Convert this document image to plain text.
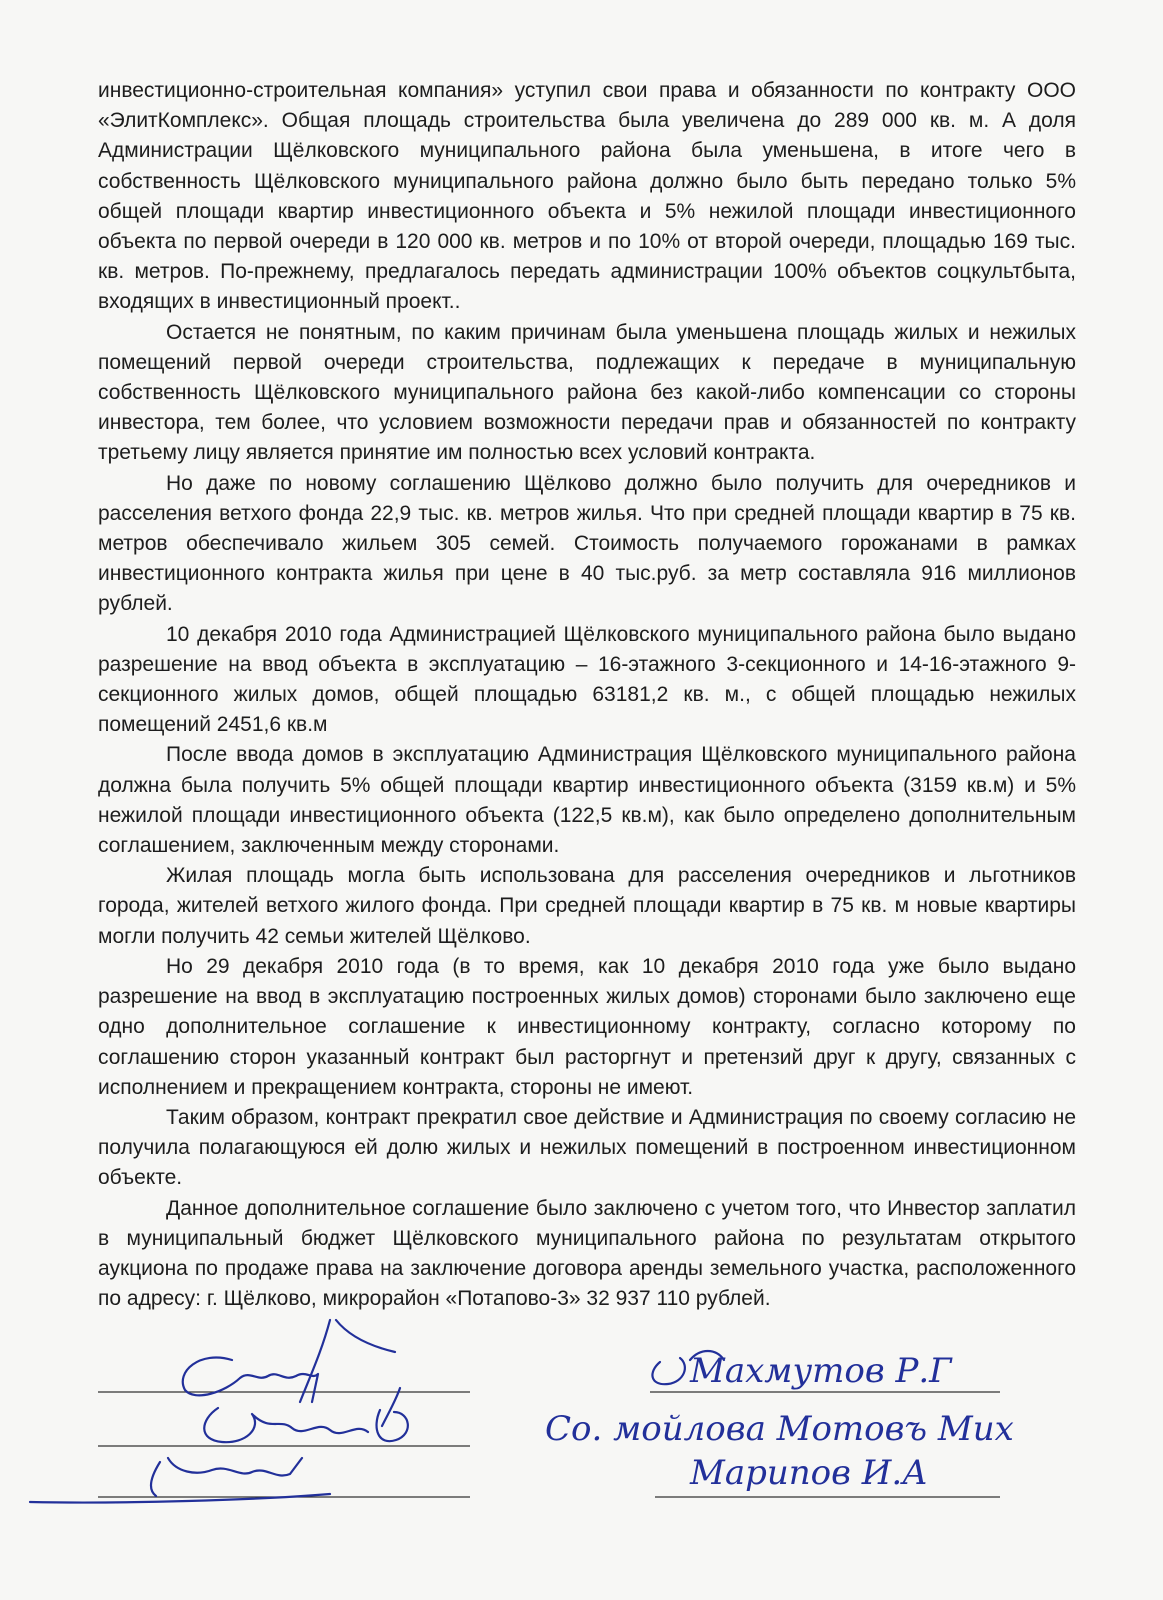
инвестиционно-строительная компания» уступил свои права и обязанности по контракту ООО «ЭлитКомплекс». Общая площадь строительства была увеличена до 289 000 кв. м. А доля Администрации Щёлковского муниципального района была уменьшена, в итоге чего в собственность Щёлковского муниципального района должно было быть передано только 5% общей площади квартир инвестиционного объекта и 5% нежилой площади инвестиционного объекта по первой очереди в 120 000 кв. метров и по 10% от второй очереди, площадью 169 тыс. кв. метров. По-прежнему, предлагалось передать администрации 100% объектов соцкультбыта, входящих в инвестиционный проект..

Остается не понятным, по каким причинам была уменьшена площадь жилых и нежилых помещений первой очереди строительства, подлежащих к передаче в муниципальную собственность Щёлковского муниципального района без какой-либо компенсации со стороны инвестора, тем более, что условием возможности передачи прав и обязанностей по контракту третьему лицу является принятие им полностью всех условий контракта.

Но даже по новому соглашению Щёлково должно было получить для очередников и расселения ветхого фонда 22,9 тыс. кв. метров жилья. Что при средней площади квартир в 75 кв. метров обеспечивало жильем 305 семей. Стоимость получаемого горожанами в рамках инвестиционного контракта жилья при цене в 40 тыс.руб. за метр составляла 916 миллионов рублей.

10 декабря 2010 года Администрацией Щёлковского муниципального района было выдано разрешение на ввод объекта в эксплуатацию – 16-этажного 3-секционного и 14-16-этажного 9-секционного жилых домов, общей площадью 63181,2 кв. м., с общей площадью нежилых помещений 2451,6 кв.м

После ввода домов в эксплуатацию Администрация Щёлковского муниципального района должна была получить 5% общей площади квартир инвестиционного объекта (3159 кв.м) и 5% нежилой площади инвестиционного объекта (122,5 кв.м), как было определено дополнительным соглашением, заключенным между сторонами.

Жилая площадь могла быть использована для расселения очередников и льготников города, жителей ветхого жилого фонда. При средней площади квартир в 75 кв. м новые квартиры могли получить 42 семьи жителей Щёлково.

Но 29 декабря 2010 года (в то время, как 10 декабря 2010 года уже было выдано разрешение на ввод в эксплуатацию построенных жилых домов) сторонами было заключено еще одно дополнительное соглашение к инвестиционному контракту, согласно которому по соглашению сторон указанный контракт был расторгнут и претензий друг к другу, связанных с исполнением и прекращением контракта, стороны не имеют.

Таким образом, контракт прекратил свое действие и Администрация по своему согласию не получила полагающуюся ей долю жилых и нежилых помещений в построенном инвестиционном объекте.

Данное дополнительное соглашение было заключено с учетом того, что Инвестор заплатил в муниципальный бюджет Щёлковского муниципального района по результатам открытого аукциона по продаже права на заключение договора аренды земельного участка, расположенного по адресу: г. Щёлково, микрорайон «Потапово-3» 32 937 110 рублей.

Махмутов Р.Г
Со. мойлова Мотовъ Мих
Марипов И.А
